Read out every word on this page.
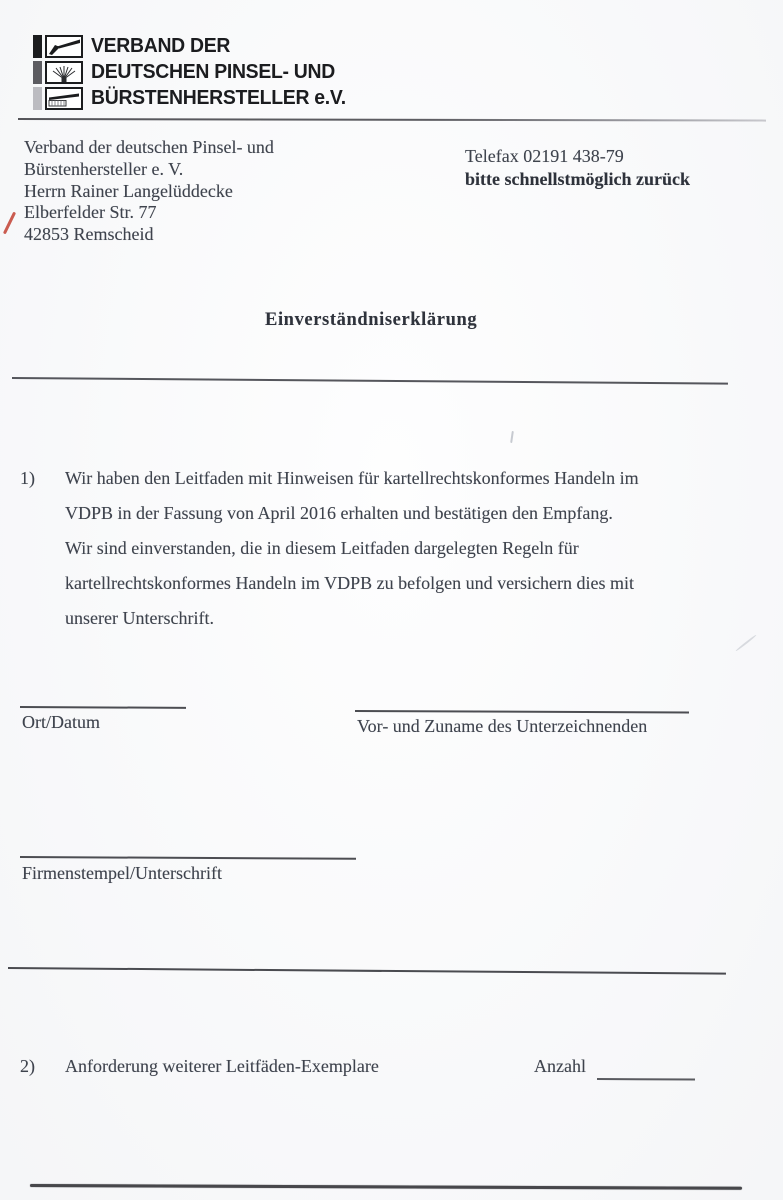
VERBAND DER
DEUTSCHEN PINSEL- UND
BÜRSTENHERSTELLER e.V.
Verband der deutschen Pinsel- und
Bürstenhersteller e. V.
Herrn Rainer Langelüddecke
Elberfelder Str. 77
42853 Remscheid
Telefax 02191 438-79
bitte schnellstmöglich zurück
Einverständniserklärung
1) Wir haben den Leitfaden mit Hinweisen für kartellrechtskonformes Handeln im
VDPB in der Fassung von April 2016 erhalten und bestätigen den Empfang.
Wir sind einverstanden, die in diesem Leitfaden dargelegten Regeln für
kartellrechtskonformes Handeln im VDPB zu befolgen und versichern dies mit
unserer Unterschrift.
Ort/Datum	Vor- und Zuname des Unterzeichnenden
Firmenstempel/Unterschrift
2) Anforderung weiterer Leitfäden-Exemplare	Anzahl
